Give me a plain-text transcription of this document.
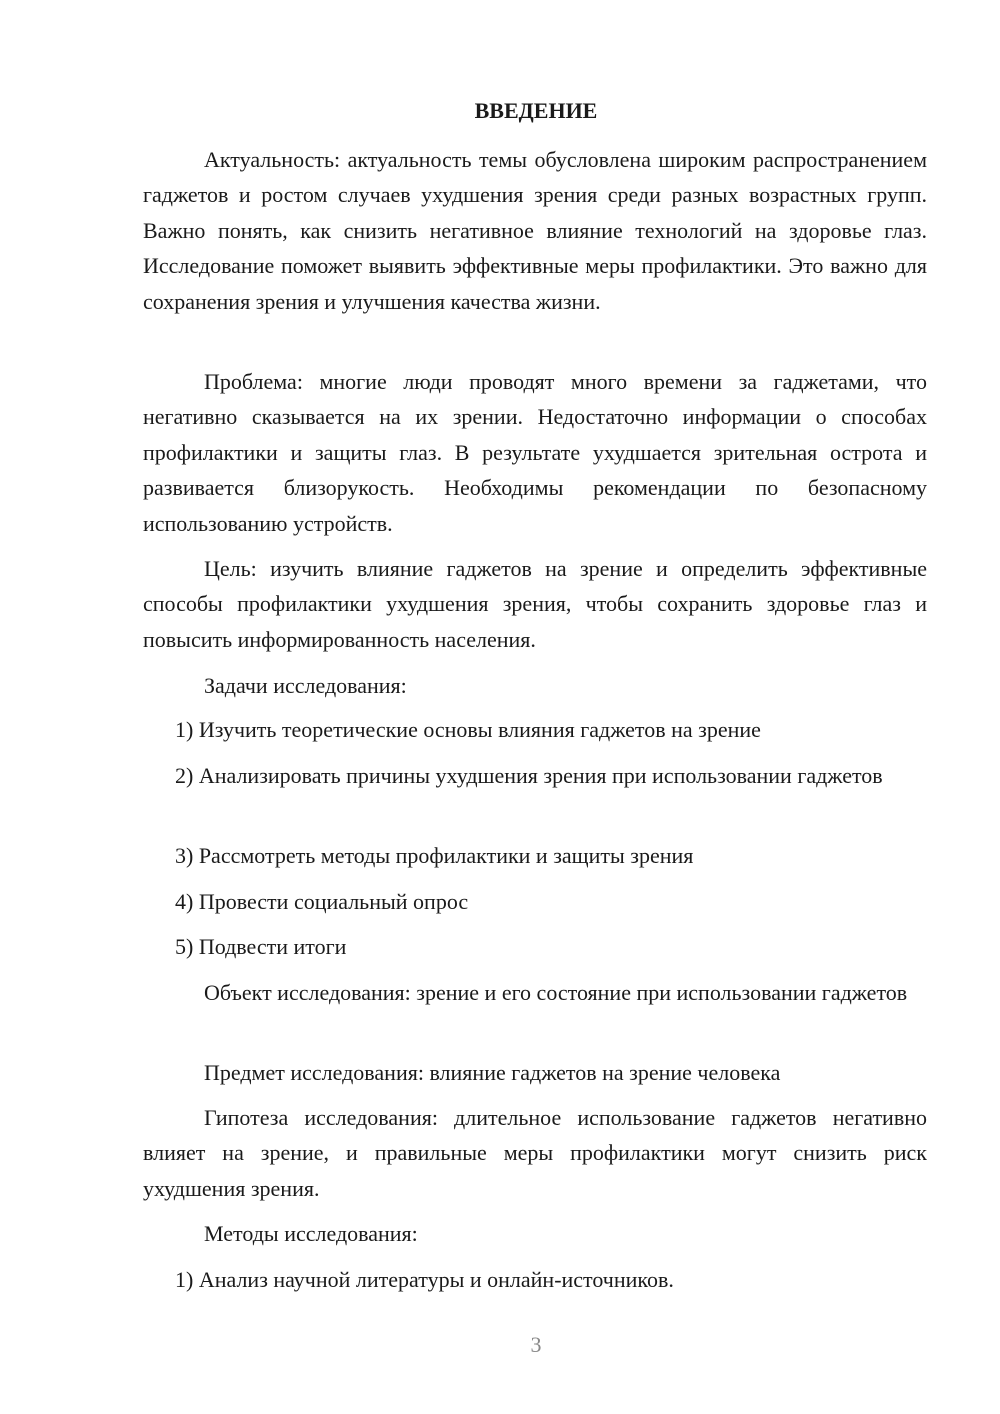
ВВЕДЕНИЕ

Актуальность: актуальность темы обусловлена широким распространением гаджетов и ростом случаев ухудшения зрения среди разных возрастных групп. Важно понять, как снизить негативное влияние технологий на здоровье глаз. Исследование поможет выявить эффективные меры профилактики. Это важно для сохранения зрения и улучшения качества жизни.

Проблема: многие люди проводят много времени за гаджетами, что негативно сказывается на их зрении. Недостаточно информации о способах профилактики и защиты глаз. В результате ухудшается зрительная острота и развивается близорукость. Необходимы рекомендации по безопасному использованию устройств.

Цель: изучить влияние гаджетов на зрение и определить эффективные способы профилактики ухудшения зрения, чтобы сохранить здоровье глаз и повысить информированность населения.

Задачи исследования:

1) Изучить теоретические основы влияния гаджетов на зрение

2) Анализировать причины ухудшения зрения при использовании гаджетов

3) Рассмотреть методы профилактики и защиты зрения

4) Провести социальный опрос

5) Подвести итоги

Объект исследования: зрение и его состояние при использовании гаджетов

Предмет исследования: влияние гаджетов на зрение человека

Гипотеза исследования: длительное использование гаджетов негативно влияет на зрение, и правильные меры профилактики могут снизить риск ухудшения зрения.

Методы исследования:

1) Анализ научной литературы и онлайн-источников.

3
